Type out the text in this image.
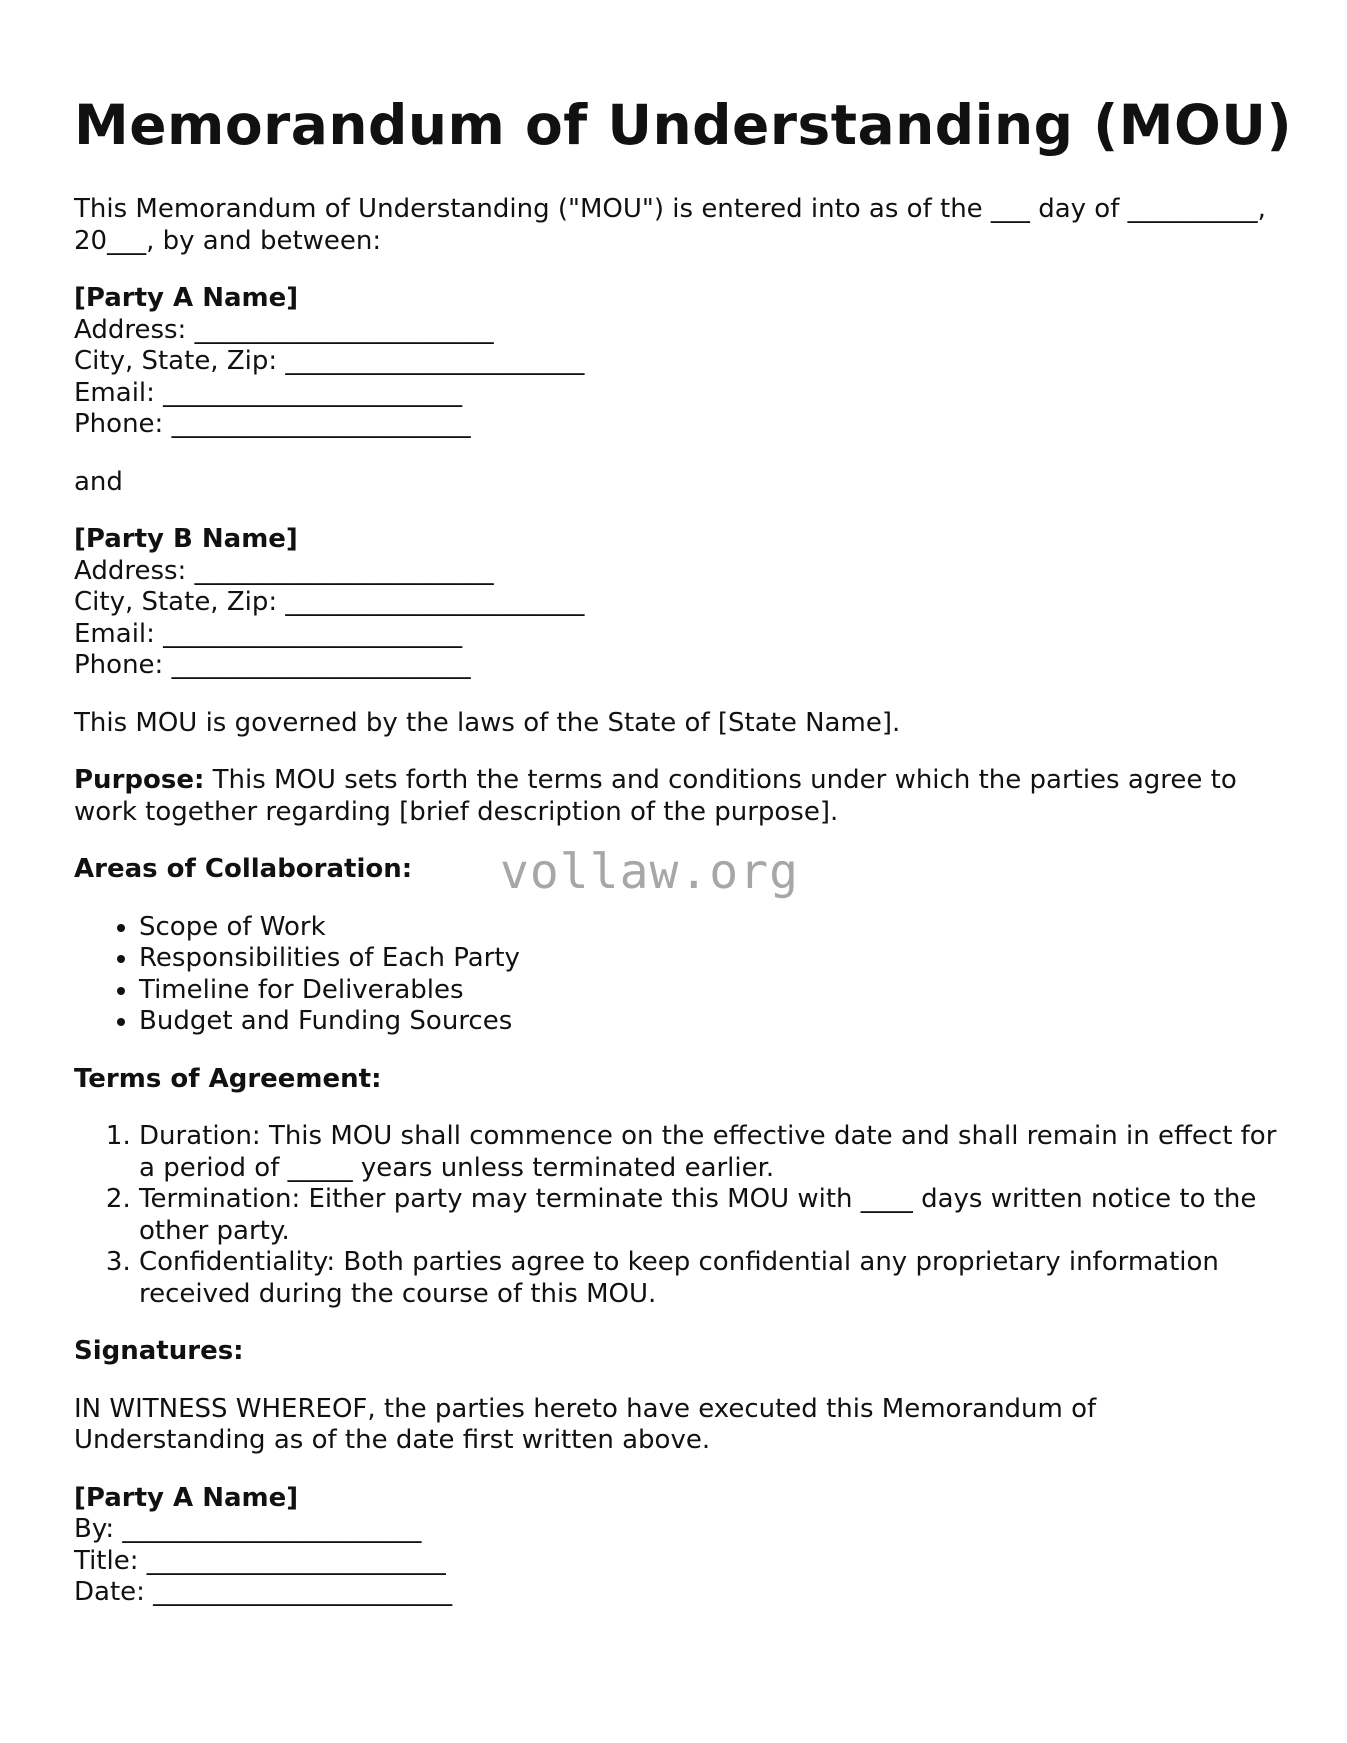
Memorandum of Understanding (MOU)

This Memorandum of Understanding ("MOU") is entered into as of the ___ day of __________, 20___, by and between:

[Party A Name]
Address: _______________________
City, State, Zip: _______________________
Email: _______________________
Phone: _______________________

and

[Party B Name]
Address: _______________________
City, State, Zip: _______________________
Email: _______________________
Phone: _______________________

This MOU is governed by the laws of the State of [State Name].

Purpose: This MOU sets forth the terms and conditions under which the parties agree to work together regarding [brief description of the purpose].

Areas of Collaboration: vollaw.org
• Scope of Work
• Responsibilities of Each Party
• Timeline for Deliverables
• Budget and Funding Sources

Terms of Agreement:

1. Duration: This MOU shall commence on the effective date and shall remain in effect for a period of _____ years unless terminated earlier.
2. Termination: Either party may terminate this MOU with ____ days written notice to the other party.
3. Confidentiality: Both parties agree to keep confidential any proprietary information received during the course of this MOU.

Signatures:

IN WITNESS WHEREOF, the parties hereto have executed this Memorandum of Understanding as of the date first written above.

[Party A Name]
By: _______________________
Title: _______________________
Date: _______________________
